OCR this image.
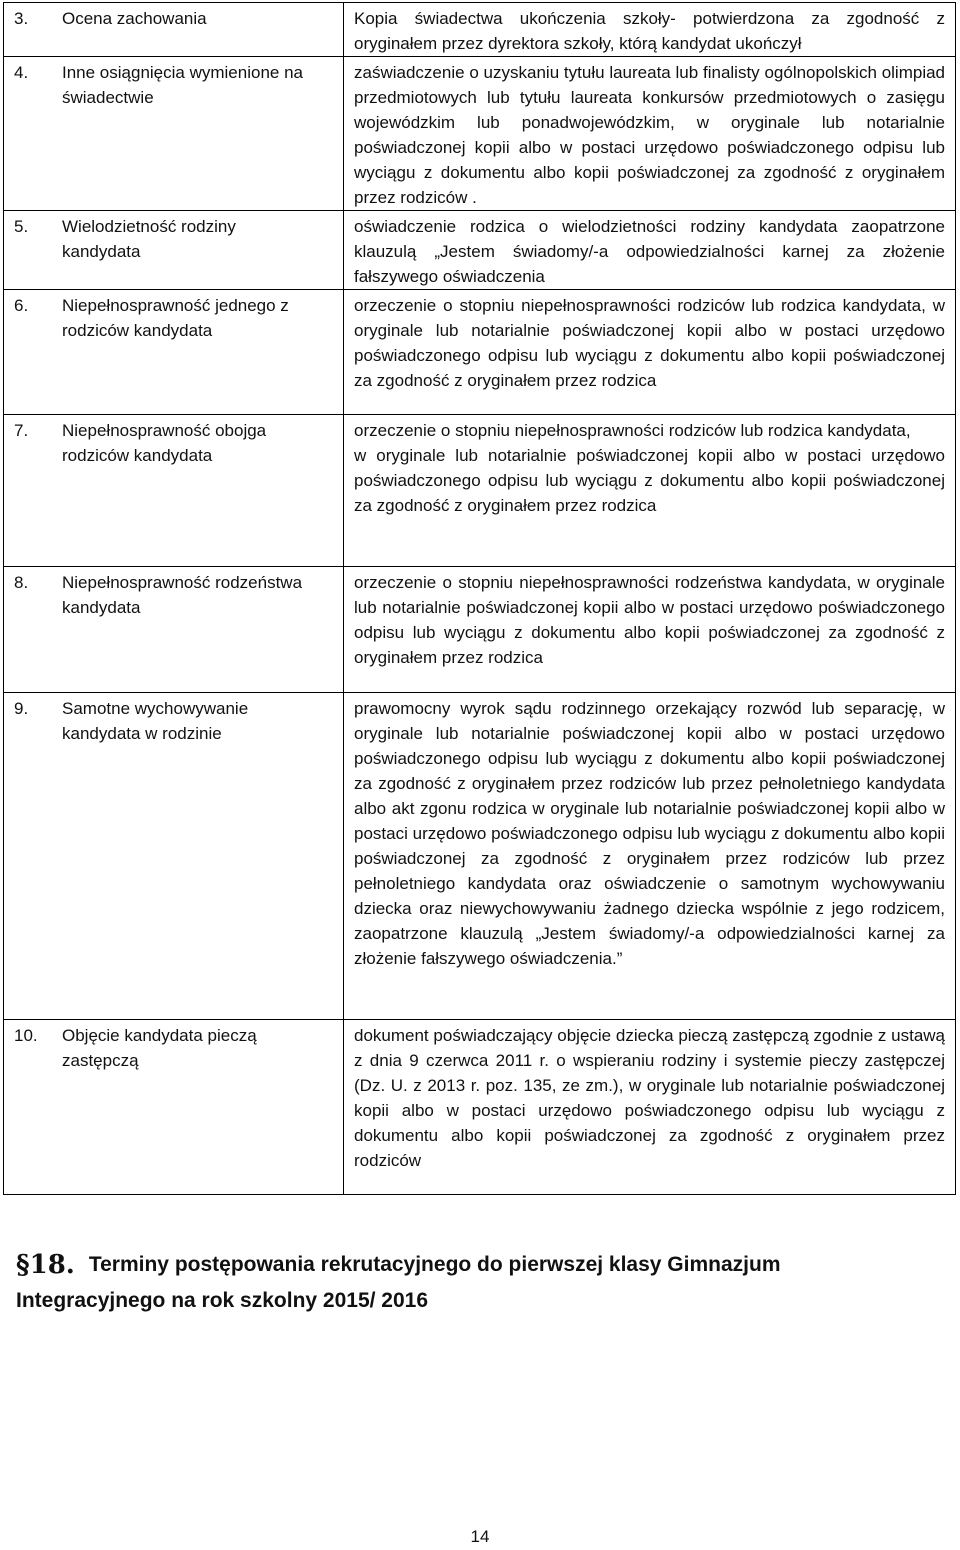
3. Ocena zachowania	Kopia świadectwa ukończenia szkoły- potwierdzona za zgodność z oryginałem przez dyrektora szkoły, którą kandydat ukończył
4. Inne osiągnięcia wymienione na świadectwie	zaświadczenie o uzyskaniu tytułu laureata lub finalisty ogólnopolskich olimpiad przedmiotowych lub tytułu laureata konkursów przedmiotowych o zasięgu wojewódzkim lub ponadwojewódzkim, w oryginale lub notarialnie poświadczonej kopii albo w postaci urzędowo poświadczonego odpisu lub wyciągu z dokumentu albo kopii poświadczonej za zgodność z oryginałem przez rodziców .
5. Wielodzietność rodziny kandydata	oświadczenie rodzica o wielodzietności rodziny kandydata zaopatrzone klauzulą „Jestem świadomy/-a odpowiedzialności karnej za złożenie fałszywego oświadczenia
6. Niepełnosprawność jednego z rodziców kandydata	orzeczenie o stopniu niepełnosprawności rodziców lub rodzica kandydata, w oryginale lub notarialnie poświadczonej kopii albo w postaci urzędowo poświadczonego odpisu lub wyciągu z dokumentu albo kopii poświadczonej za zgodność z oryginałem przez rodzica
7. Niepełnosprawność obojga rodziców kandydata	orzeczenie o stopniu niepełnosprawności rodziców lub rodzica kandydata,
w oryginale lub notarialnie poświadczonej kopii albo w postaci urzędowo poświadczonego odpisu lub wyciągu z dokumentu albo kopii poświadczonej za zgodność z oryginałem przez rodzica

8. Niepełnosprawność rodzeństwa kandydata	orzeczenie o stopniu niepełnosprawności rodzeństwa kandydata, w oryginale lub notarialnie poświadczonej kopii albo w postaci urzędowo poświadczonego odpisu lub wyciągu z dokumentu albo kopii poświadczonej za zgodność z oryginałem przez rodzica
9. Samotne wychowywanie kandydata w rodzinie	prawomocny wyrok sądu rodzinnego orzekający rozwód lub separację, w oryginale lub notarialnie poświadczonej kopii albo w postaci urzędowo poświadczonego odpisu lub wyciągu z dokumentu albo kopii poświadczonej za zgodność z oryginałem przez rodziców lub przez pełnoletniego kandydata albo akt zgonu rodzica w oryginale lub notarialnie poświadczonej kopii albo w postaci urzędowo poświadczonego odpisu lub wyciągu z dokumentu albo kopii poświadczonej za zgodność z oryginałem przez rodziców lub przez pełnoletniego kandydata oraz oświadczenie o samotnym wychowywaniu dziecka oraz niewychowywaniu żadnego dziecka wspólnie z jego rodzicem, zaopatrzone klauzulą „Jestem świadomy/-a odpowiedzialności karnej za złożenie fałszywego oświadczenia.”
10. Objęcie kandydata pieczą zastępczą	dokument poświadczający objęcie dziecka pieczą zastępczą zgodnie z ustawą z dnia 9 czerwca 2011 r. o wspieraniu rodziny i systemie pieczy zastępczej (Dz. U. z 2013 r. poz. 135, ze zm.), w oryginale lub notarialnie poświadczonej kopii albo w postaci urzędowo poświadczonego odpisu lub wyciągu z dokumentu albo kopii poświadczonej za zgodność z oryginałem przez rodziców
§18. Terminy postępowania rekrutacyjnego do pierwszej klasy Gimnazjum Integracyjnego na rok szkolny 2015/ 2016
14
